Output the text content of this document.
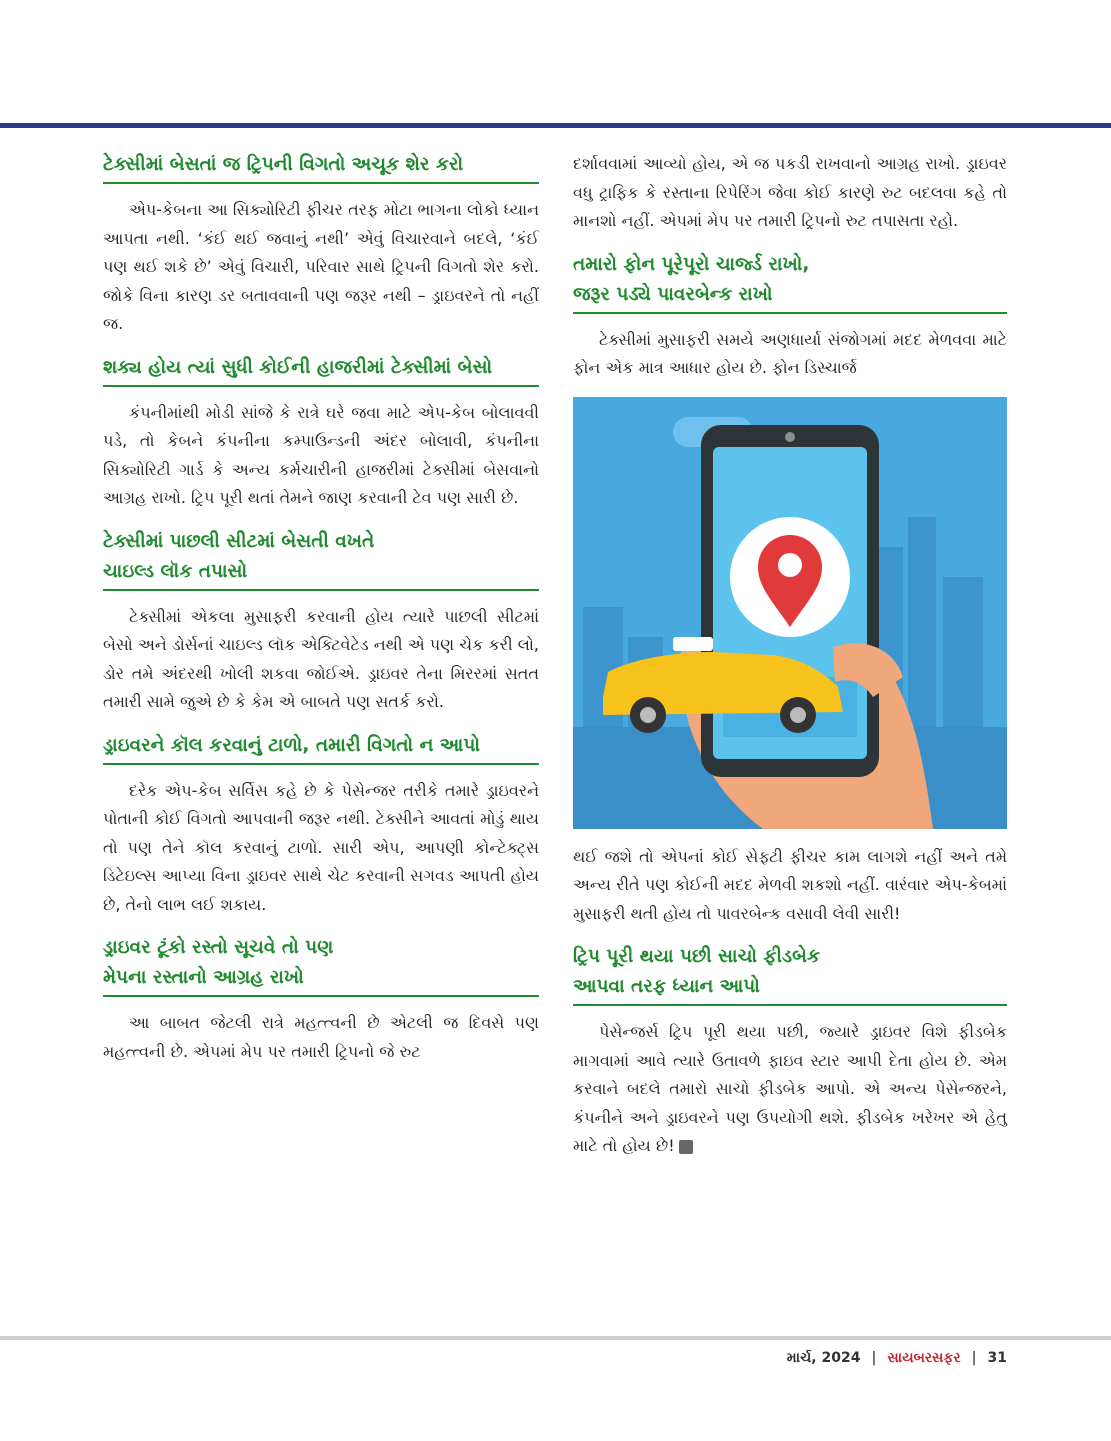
ટેક્સીમાં બેસતાં જ ટ્રિપની વિગતો અચૂક શેર કરો

એપ-કેબના આ સિક્યોરિટી ફીચર તરફ મોટા ભાગના લોકો ધ્યાન આપતા નથી. ‘કંઈ થઈ જવાનું નથી’ એવું વિચારવાને બદલે, ‘કંઈ પણ થઈ શકે છે’ એવું વિચારી, પરિવાર સાથે ટ્રિપની વિગતો શેર કરો. જોકે વિના કારણ ડર બતાવવાની પણ જરૂર નથી – ડ્રાઇવરને તો નહીં જ.

શક્ય હોય ત્યાં સુધી કોઈની હાજરીમાં ટેક્સીમાં બેસો

કંપનીમાંથી મોડી સાંજે કે રાત્રે ઘરે જવા માટે એપ-કેબ બોલાવવી પડે, તો કેબને કંપનીના કમ્પાઉન્ડની અંદર બોલાવી, કંપનીના સિક્યોરિટી ગાર્ડ કે અન્ય કર્મચારીની હાજરીમાં ટેક્સીમાં બેસવાનો આગ્રહ રાખો. ટ્રિપ પૂરી થતાં તેમને જાણ કરવાની ટેવ પણ સારી છે.

ટેક્સીમાં પાછલી સીટમાં બેસતી વખતે
ચાઇલ્ડ લૉક તપાસો

ટેક્સીમાં એકલા મુસાફરી કરવાની હોય ત્યારે પાછલી સીટમાં બેસો અને ડોર્સનાં ચાઇલ્ડ લૉક એક્ટિવેટેડ નથી એ પણ ચેક કરી લો, ડોર તમે અંદરથી ખોલી શકવા જોઈએ. ડ્રાઇવર તેના મિરરમાં સતત તમારી સામે જુએ છે કે કેમ એ બાબતે પણ સતર્ક કરો.

ડ્રાઇવરને કૉલ કરવાનું ટાળો, તમારી વિગતો ન આપો

દરેક એપ-કેબ સર્વિસ કહે છે કે પેસેન્જર તરીકે તમારે ડ્રાઇવરને પોતાની કોઈ વિગતો આપવાની જરૂર નથી. ટેક્સીને આવતાં મોડું થાય તો પણ તેને કૉલ કરવાનું ટાળો. સારી એપ, આપણી કોન્ટેક્ટ્સ ડિટેઇલ્સ આપ્યા વિના ડ્રાઇવર સાથે ચેટ કરવાની સગવડ આપતી હોય છે, તેનો લાભ લઈ શકાય.

ડ્રાઇવર ટૂંકો રસ્તો સૂચવે તો પણ
મેપના રસ્તાનો આગ્રહ રાખો

આ બાબત જેટલી રાત્રે મહત્ત્વની છે એટલી જ દિવસે પણ મહત્ત્વની છે. એપમાં મેપ પર તમારી ટ્રિપનો જે રુટ

દર્શાવવામાં આવ્યો હોય, એ જ પકડી રાખવાનો આગ્રહ રાખો. ડ્રાઇવર વધુ ટ્રાફિક કે રસ્તાના રિપેરિંગ જેવા કોઈ કારણે રુટ બદલવા કહે તો માનશો નહીં. એપમાં મેપ પર તમારી ટ્રિપનો રુટ તપાસતા રહો.

તમારો ફોન પૂરેપૂરો ચાર્જ્ડ રાખો,
જરૂર પડ્યે પાવરબેન્ક રાખો

ટેક્સીમાં મુસાફરી સમયે અણધાર્યા સંજોગમાં મદદ મેળવવા માટે ફોન એક માત્ર આધાર હોય છે. ફોન ડિસ્ચાર્જ

થઈ જશે તો એપનાં કોઈ સેફ્ટી ફીચર કામ લાગશે નહીં અને તમે અન્ય રીતે પણ કોઈની મદદ મેળવી શકશો નહીં. વારંવાર એપ-કેબમાં મુસાફરી થતી હોય તો પાવરબેન્ક વસાવી લેવી સારી!

ટ્રિપ પૂરી થયા પછી સાચો ફીડબેક
આપવા તરફ ધ્યાન આપો

પેસેન્જર્સ ટ્રિપ પૂરી થયા પછી, જ્યારે ડ્રાઇવર વિશે ફીડબેક માગવામાં આવે ત્યારે ઉતાવળે ફાઇવ સ્ટાર આપી દેતા હોય છે. એમ કરવાને બદલે તમારો સાચો ફીડબેક આપો. એ અન્ય પેસેન્જરને, કંપનીને અને ડ્રાઇવરને પણ ઉપયોગી થશે. ફીડબેક ખરેખર એ હેતુ માટે તો હોય છે!

માર્ચ, 2024 | સાયબરસફર | 31
